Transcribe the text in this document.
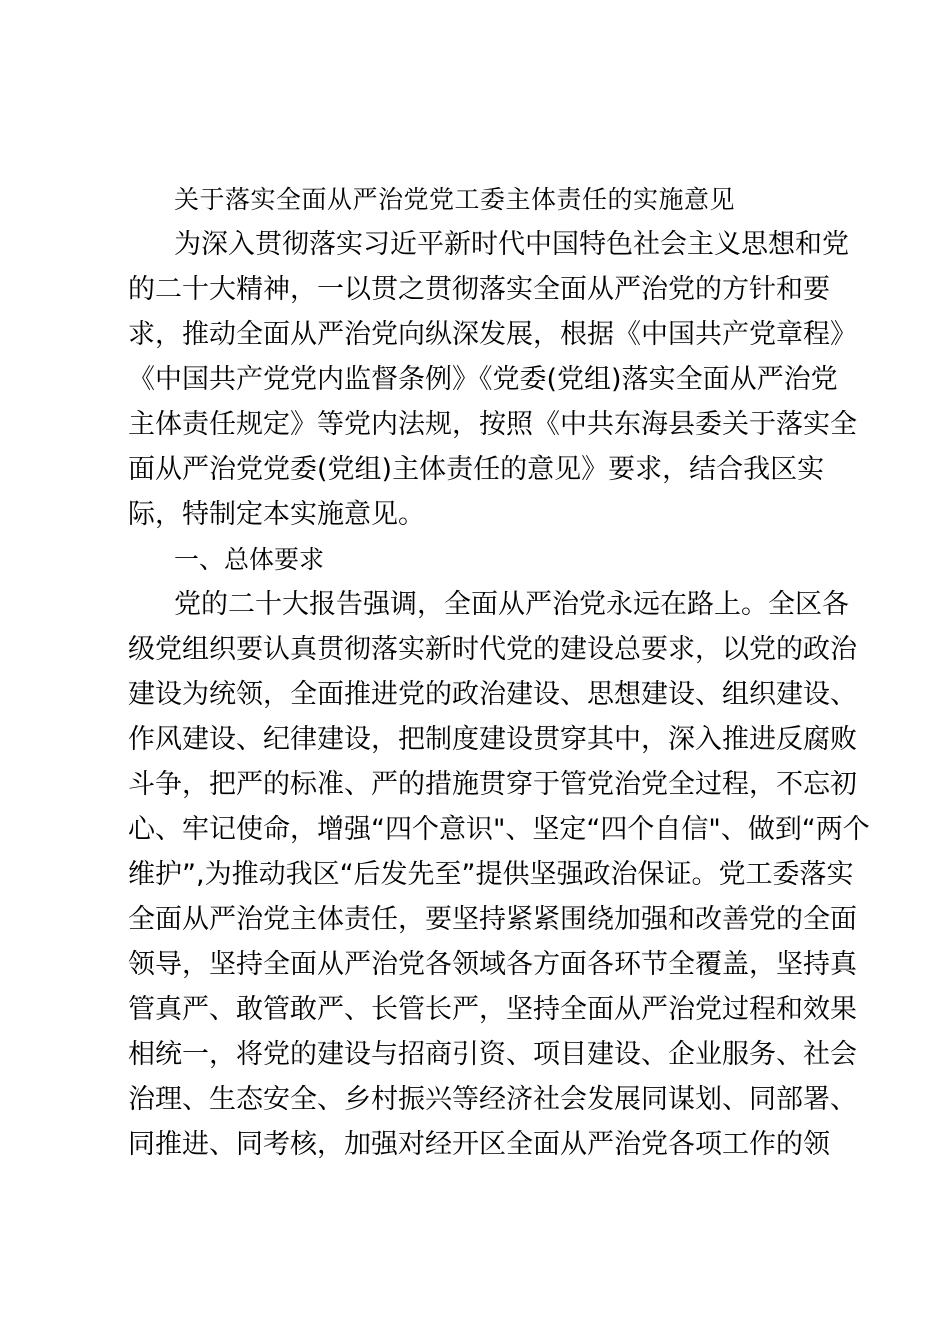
关于落实全面从严治党党工委主体责任的实施意见
为深入贯彻落实习近平新时代中国特色社会主义思想和党
的二十大精神，一以贯之贯彻落实全面从严治党的方针和要
求，推动全面从严治党向纵深发展，根据《中国共产党章程》
《中国共产党党内监督条例》《党委(党组)落实全面从严治党
主体责任规定》等党内法规，按照《中共东海县委关于落实全
面从严治党党委(党组)主体责任的意见》要求，结合我区实
际，特制定本实施意见。
一、总体要求
党的二十大报告强调，全面从严治党永远在路上。全区各
级党组织要认真贯彻落实新时代党的建设总要求，以党的政治
建设为统领，全面推进党的政治建设、思想建设、组织建设、
作风建设、纪律建设，把制度建设贯穿其中，深入推进反腐败
斗争，把严的标准、严的措施贯穿于管党治党全过程，不忘初
心、牢记使命，增强“四个意识"、坚定“四个自信"、做到“两个
维护”,为推动我区“后发先至”提供坚强政治保证。党工委落实
全面从严治党主体责任，要坚持紧紧围绕加强和改善党的全面
领导，坚持全面从严治党各领域各方面各环节全覆盖，坚持真
管真严、敢管敢严、长管长严，坚持全面从严治党过程和效果
相统一，将党的建设与招商引资、项目建设、企业服务、社会
治理、生态安全、乡村振兴等经济社会发展同谋划、同部署、
同推进、同考核，加强对经开区全面从严治党各项工作的领
